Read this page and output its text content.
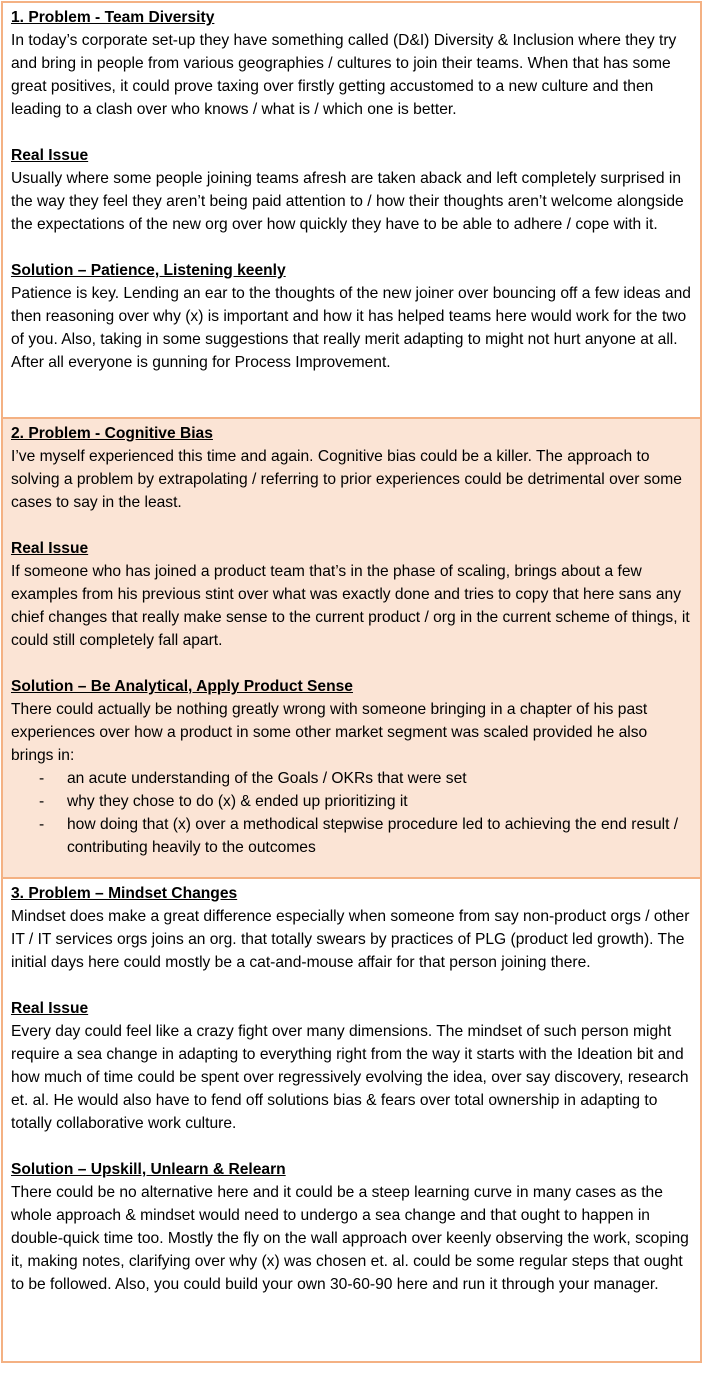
1. Problem - Team Diversity

In today’s corporate set-up they have something called (D&I) Diversity & Inclusion where they try and bring in people from various geographies / cultures to join their teams. When that has some great positives, it could prove taxing over firstly getting accustomed to a new culture and then leading to a clash over who knows / what is / which one is better.

Real Issue

Usually where some people joining teams afresh are taken aback and left completely surprised in the way they feel they aren’t being paid attention to / how their thoughts aren’t welcome alongside the expectations of the new org over how quickly they have to be able to adhere / cope with it.

Solution – Patience, Listening keenly

Patience is key. Lending an ear to the thoughts of the new joiner over bouncing off a few ideas and then reasoning over why (x) is important and how it has helped teams here would work for the two of you. Also, taking in some suggestions that really merit adapting to might not hurt anyone at all. After all everyone is gunning for Process Improvement.

2. Problem - Cognitive Bias

I’ve myself experienced this time and again. Cognitive bias could be a killer. The approach to solving a problem by extrapolating / referring to prior experiences could be detrimental over some cases to say in the least.

Real Issue

If someone who has joined a product team that’s in the phase of scaling, brings about a few examples from his previous stint over what was exactly done and tries to copy that here sans any chief changes that really make sense to the current product / org in the current scheme of things, it could still completely fall apart.

Solution – Be Analytical, Apply Product Sense

There could actually be nothing greatly wrong with someone bringing in a chapter of his past experiences over how a product in some other market segment was scaled provided he also brings in:

- an acute understanding of the Goals / OKRs that were set
- why they chose to do (x) & ended up prioritizing it
- how doing that (x) over a methodical stepwise procedure led to achieving the end result / contributing heavily to the outcomes

3. Problem – Mindset Changes

Mindset does make a great difference especially when someone from say non-product orgs / other IT / IT services orgs joins an org. that totally swears by practices of PLG (product led growth). The initial days here could mostly be a cat-and-mouse affair for that person joining there.

Real Issue

Every day could feel like a crazy fight over many dimensions. The mindset of such person might require a sea change in adapting to everything right from the way it starts with the Ideation bit and how much of time could be spent over regressively evolving the idea, over say discovery, research et. al. He would also have to fend off solutions bias & fears over total ownership in adapting to totally collaborative work culture.

Solution – Upskill, Unlearn & Relearn

There could be no alternative here and it could be a steep learning curve in many cases as the whole approach & mindset would need to undergo a sea change and that ought to happen in double-quick time too. Mostly the fly on the wall approach over keenly observing the work, scoping it, making notes, clarifying over why (x) was chosen et. al. could be some regular steps that ought to be followed. Also, you could build your own 30-60-90 here and run it through your manager.
